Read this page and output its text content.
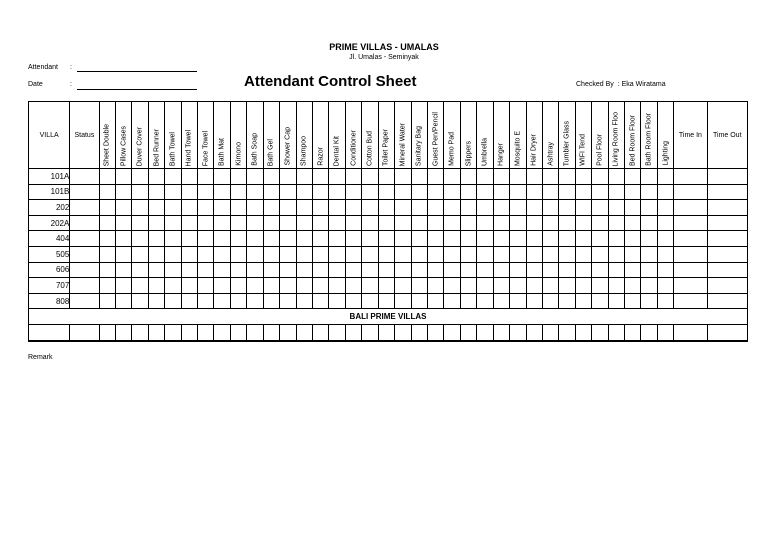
PRIME VILLAS - UMALAS
Jl. Umalas - Seminyak
Attendant :
Date	:	Attendant Control Sheet	Checked By : Eka Wiratama
VILLA	Status	Sheet Double	Pillow Cases	Duver Cover	Bed Runner	Bath Towel	Hand Towel	Face Towel	Bath Mat	Kimono	Bath Soap	Bath Gel	Shower Cap	Shampoo	Razor	Dental Kit	Conditioner	Cotton Bud	Toilet Paper	Mineral Water	Sanitary Bag	Guest Pen/Pencil	Memo Pad	Slippers	Umbrella	Hanger	Mosquito E	Hair Dryer	Ashtray	Tumbler Glass	WIFI Tend	Pool Floor	Living Room Floo	Bed Room Floor	Bath Room Floor	Lighting	Time In	Time Out
101A																																						
101B																																						
202																																						
202A																																						
404																																						
505																																						
606																																						
707																																						
808																																						
BALI PRIME VILLAS																																						

Remark
